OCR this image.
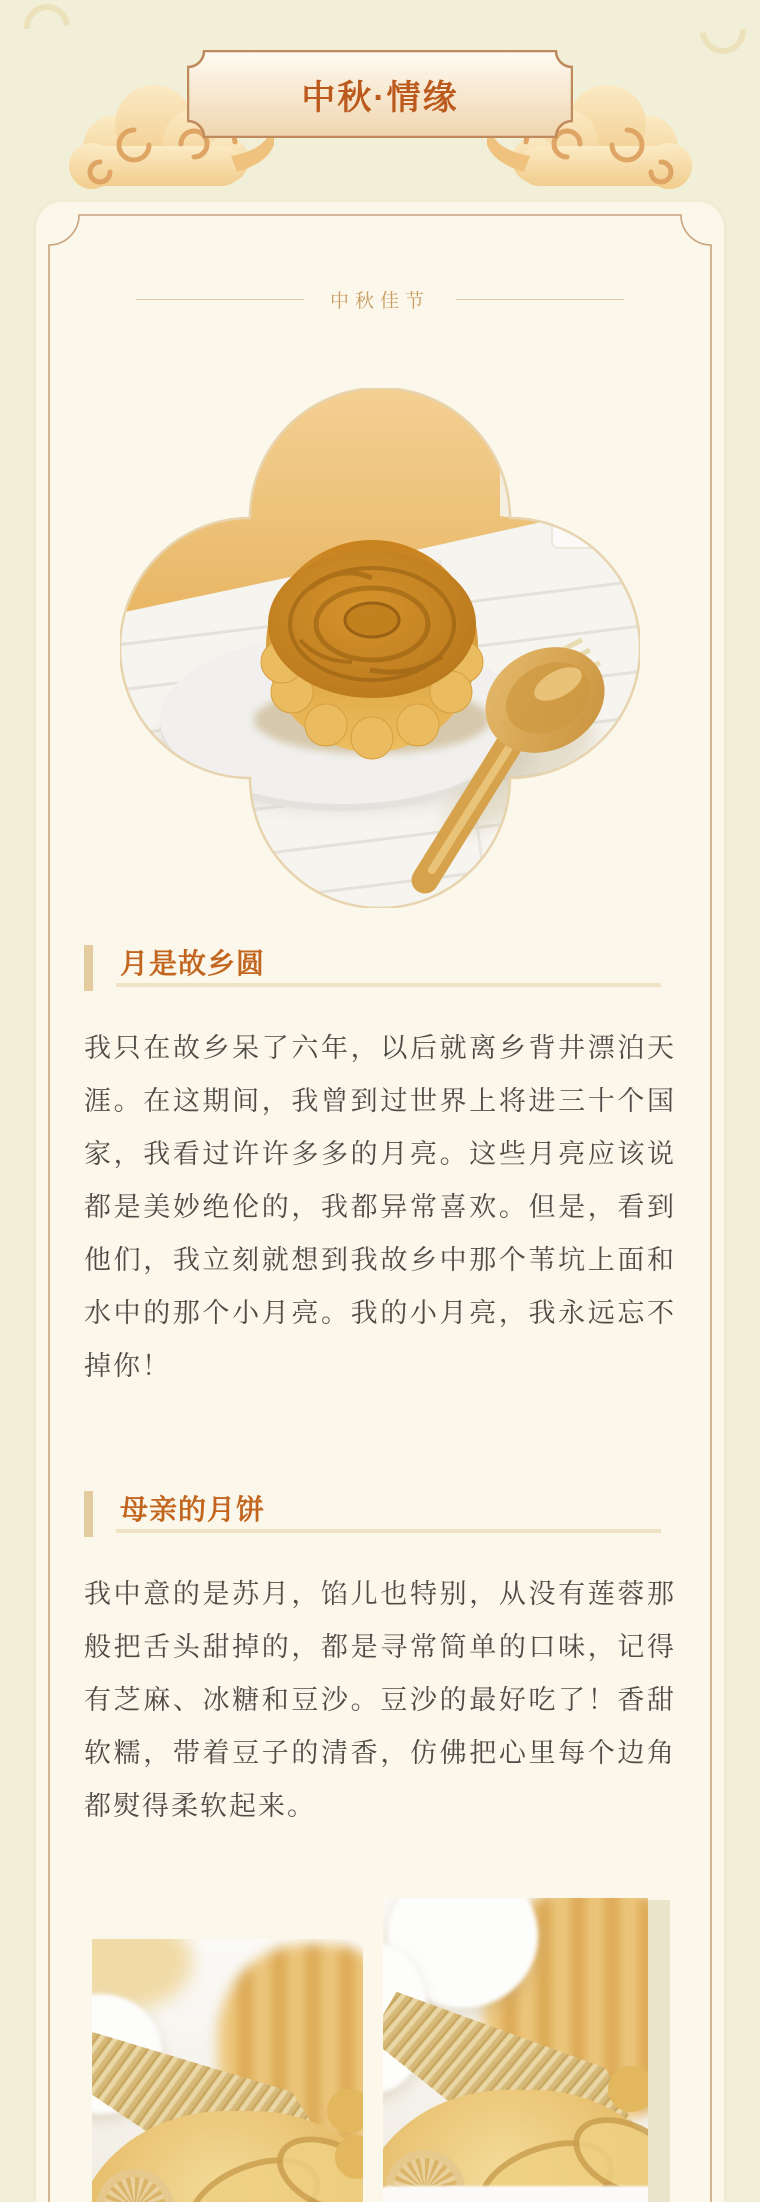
中秋·情缘
中秋佳节
月是故乡圆

我只在故乡呆了六年，以后就离乡背井漂泊天涯。在这期间，我曾到过世界上将进三十个国家，我看过许许多多的月亮。这些月亮应该说都是美妙绝伦的，我都异常喜欢。但是，看到他们，我立刻就想到我故乡中那个苇坑上面和水中的那个小月亮。我的小月亮，我永远忘不掉你！

母亲的月饼

我中意的是苏月，馅儿也特别，从没有莲蓉那般把舌头甜掉的，都是寻常简单的口味，记得有芝麻、冰糖和豆沙。豆沙的最好吃了！香甜软糯，带着豆子的清香，仿佛把心里每个边角都熨得柔软起来。
